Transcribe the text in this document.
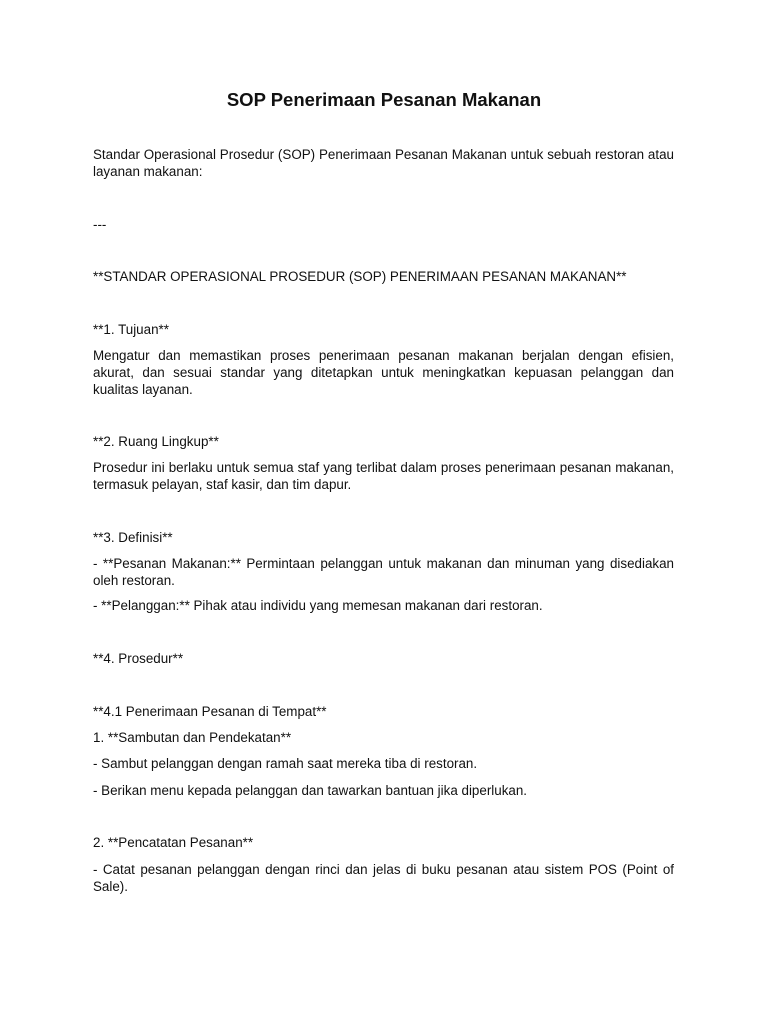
SOP Penerimaan Pesanan Makanan
Standar Operasional Prosedur (SOP) Penerimaan Pesanan Makanan untuk sebuah restoran atau layanan makanan:
---
**STANDAR OPERASIONAL PROSEDUR (SOP) PENERIMAAN PESANAN MAKANAN**
**1. Tujuan**
Mengatur dan memastikan proses penerimaan pesanan makanan berjalan dengan efisien, akurat, dan sesuai standar yang ditetapkan untuk meningkatkan kepuasan pelanggan dan kualitas layanan.
**2. Ruang Lingkup**
Prosedur ini berlaku untuk semua staf yang terlibat dalam proses penerimaan pesanan makanan, termasuk pelayan, staf kasir, dan tim dapur.
**3. Definisi**
- **Pesanan Makanan:** Permintaan pelanggan untuk makanan dan minuman yang disediakan oleh restoran.
- **Pelanggan:** Pihak atau individu yang memesan makanan dari restoran.
**4. Prosedur**
**4.1 Penerimaan Pesanan di Tempat**
1. **Sambutan dan Pendekatan**
- Sambut pelanggan dengan ramah saat mereka tiba di restoran.
- Berikan menu kepada pelanggan dan tawarkan bantuan jika diperlukan.
2. **Pencatatan Pesanan**
- Catat pesanan pelanggan dengan rinci dan jelas di buku pesanan atau sistem POS (Point of Sale).
